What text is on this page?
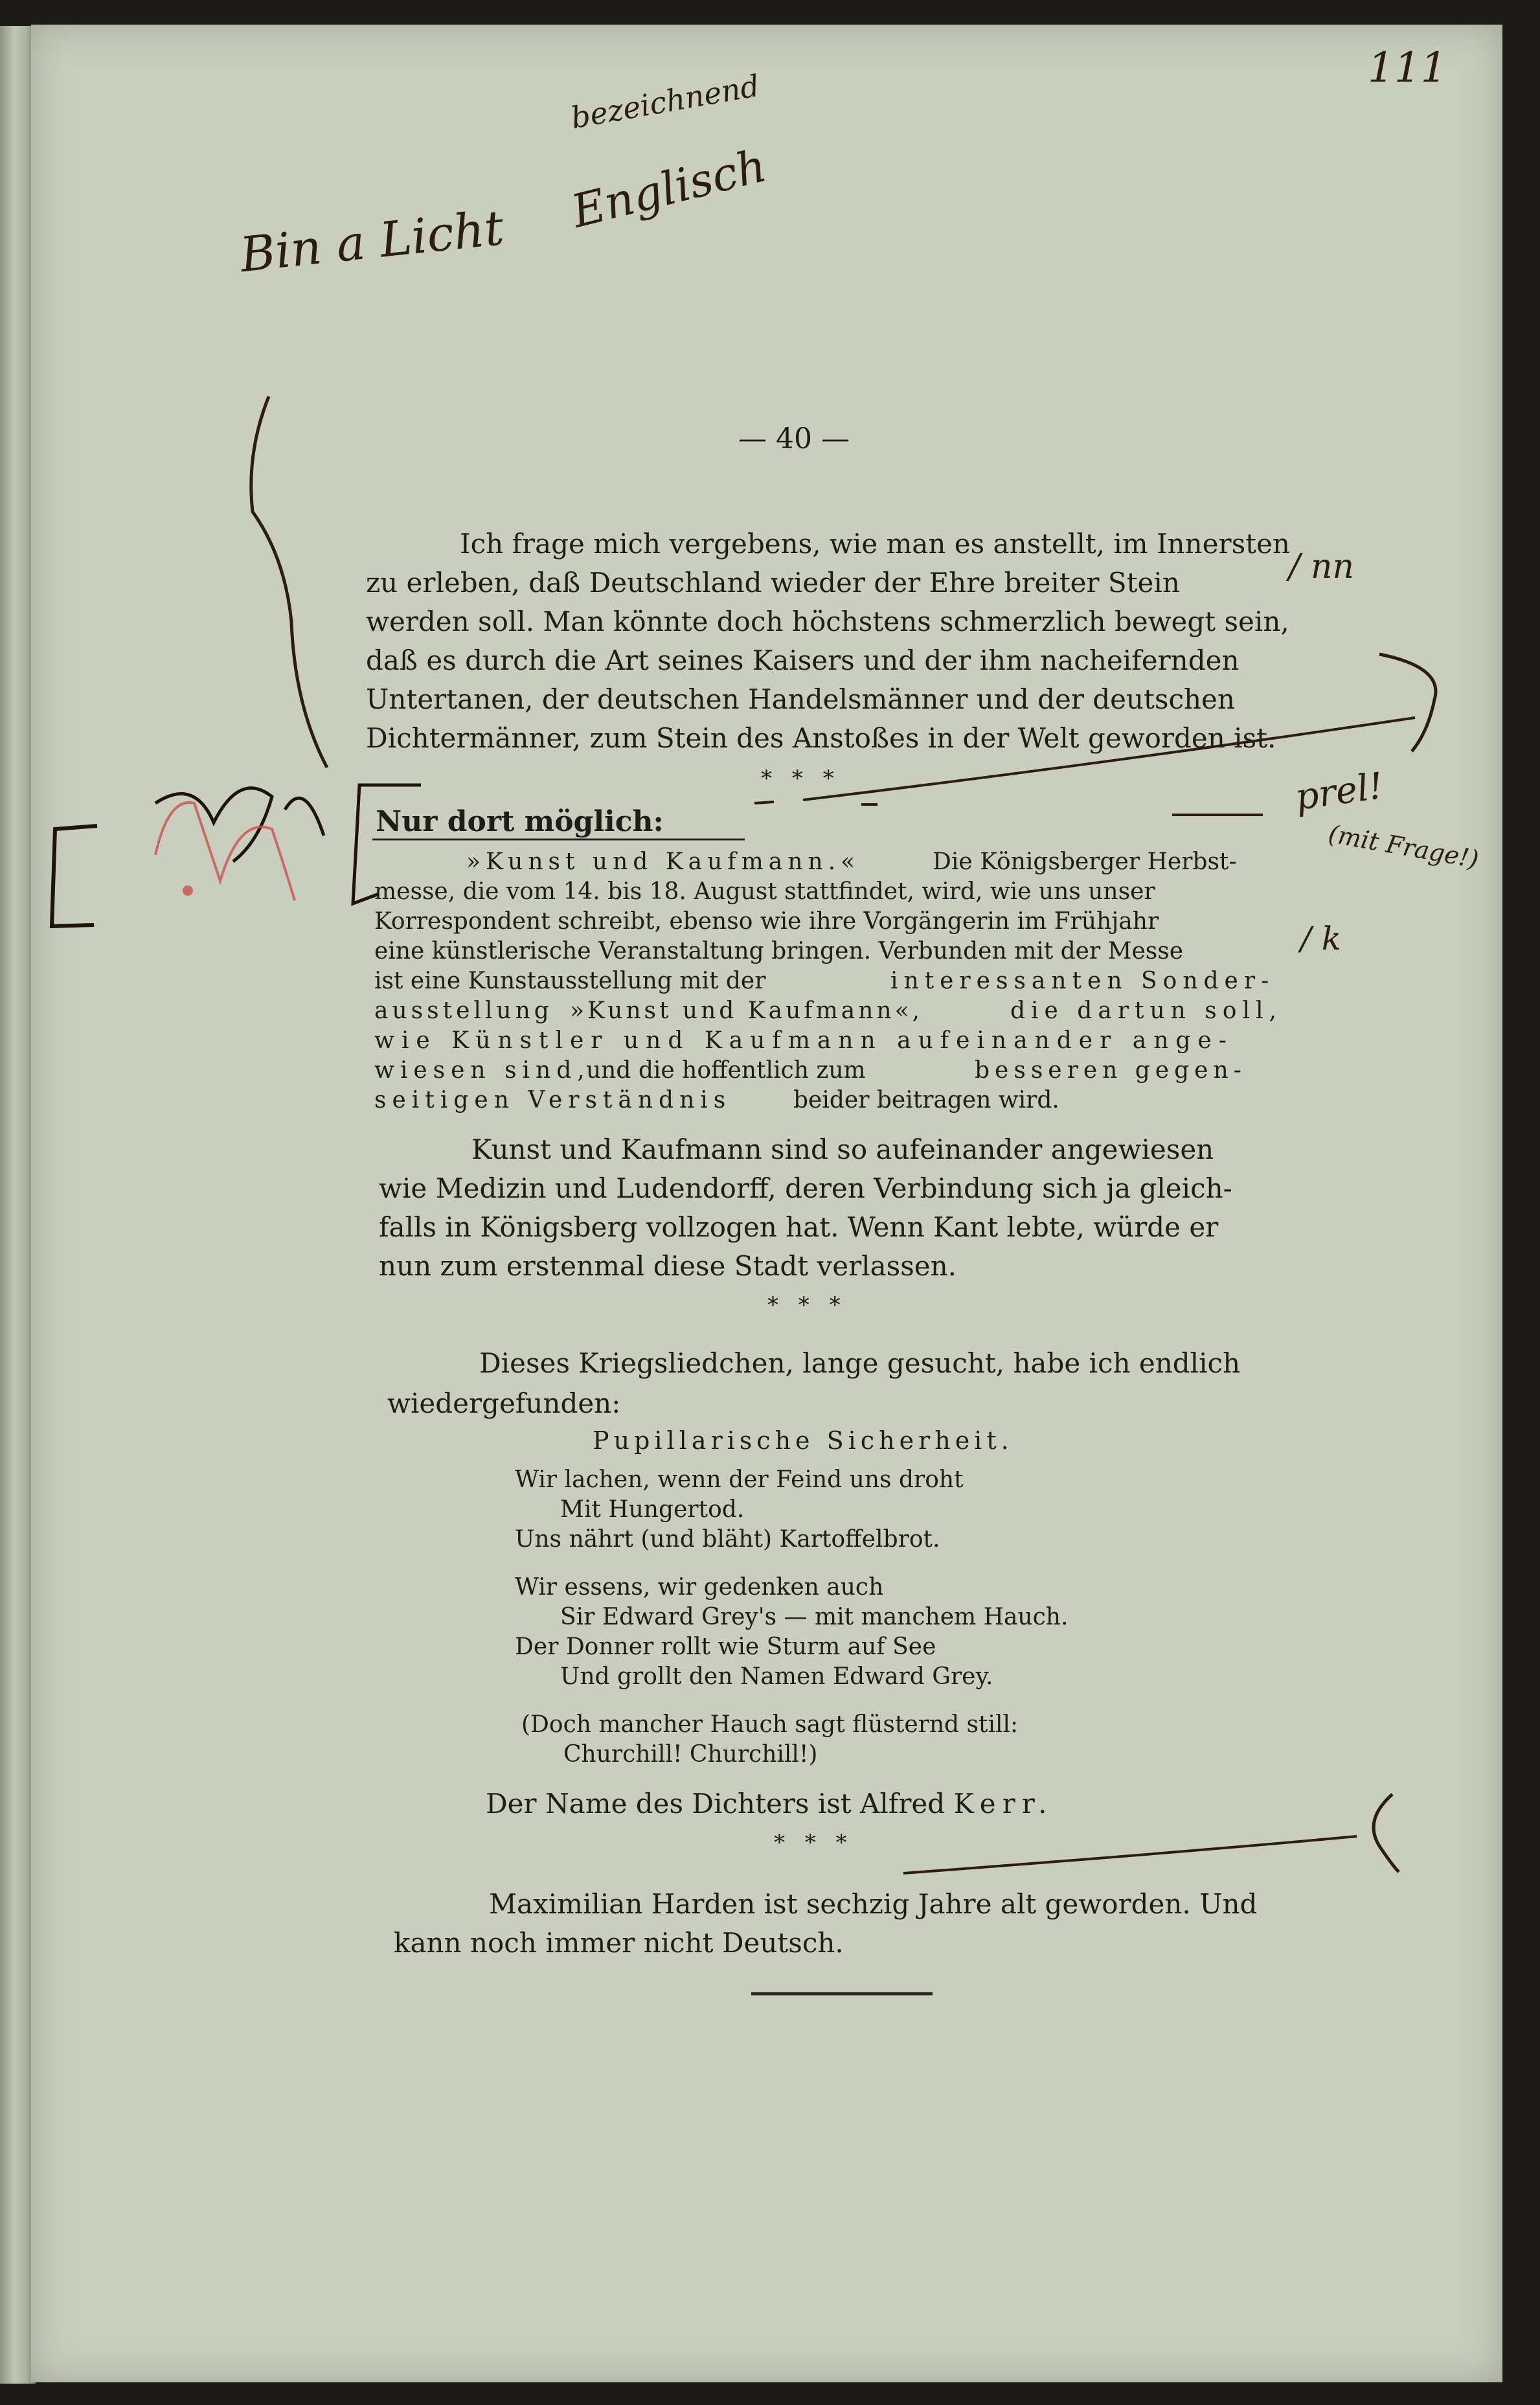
111
Bin a Licht
Englisch
bezeichnend
/ nn
prel!
(mit Frage!)
/ k
— 40 —
Ich frage mich vergebens, wie man es anstellt, im Innersten
zu erleben, daß Deutschland wieder der Ehre breiter Stein
werden soll. Man könnte doch höchstens schmerzlich bewegt sein,
daß es durch die Art seines Kaisers und der ihm nacheifernden
Untertanen, der deutschen Handelsmänner und der deutschen
Dichtermänner, zum Stein des Anstoßes in der Welt geworden ist.
* * *
Nur dort möglich:
»Kunst und Kaufmann.«	Die Königsberger Herbst-
messe, die vom 14. bis 18. August stattfindet, wird, wie uns unser
Korrespondent schreibt, ebenso wie ihre Vorgängerin im Frühjahr
eine künstlerische Veranstaltung bringen. Verbunden mit der Messe
ist eine Kunstausstellung mit der	interessanten Sonder-
ausstellung »Kunst und Kaufmann«,	die dartun soll,
wie Künstler und Kaufmann aufeinander ange-
wiesen sind,
und die hoffentlich zum	besseren gegen-
seitigen Verständnis	beider beitragen wird.
Kunst und Kaufmann sind so aufeinander angewiesen
wie Medizin und Ludendorff, deren Verbindung sich ja gleich-
falls in Königsberg vollzogen hat. Wenn Kant lebte, würde er
nun zum erstenmal diese Stadt verlassen.
* * *
Dieses Kriegsliedchen, lange gesucht, habe ich endlich
wiedergefunden:
Pupillarische Sicherheit.
Wir lachen, wenn der Feind uns droht
Mit Hungertod.
Uns nährt (und bläht) Kartoffelbrot.
Wir essens, wir gedenken auch
Sir Edward Grey's — mit manchem Hauch.
Der Donner rollt wie Sturm auf See
Und grollt den Namen Edward Grey.
(Doch mancher Hauch sagt flüsternd still:
Churchill! Churchill!)
Der Name des Dichters ist Alfred Kerr.
* * *
Maximilian Harden ist sechzig Jahre alt geworden. Und
kann noch immer nicht Deutsch.
